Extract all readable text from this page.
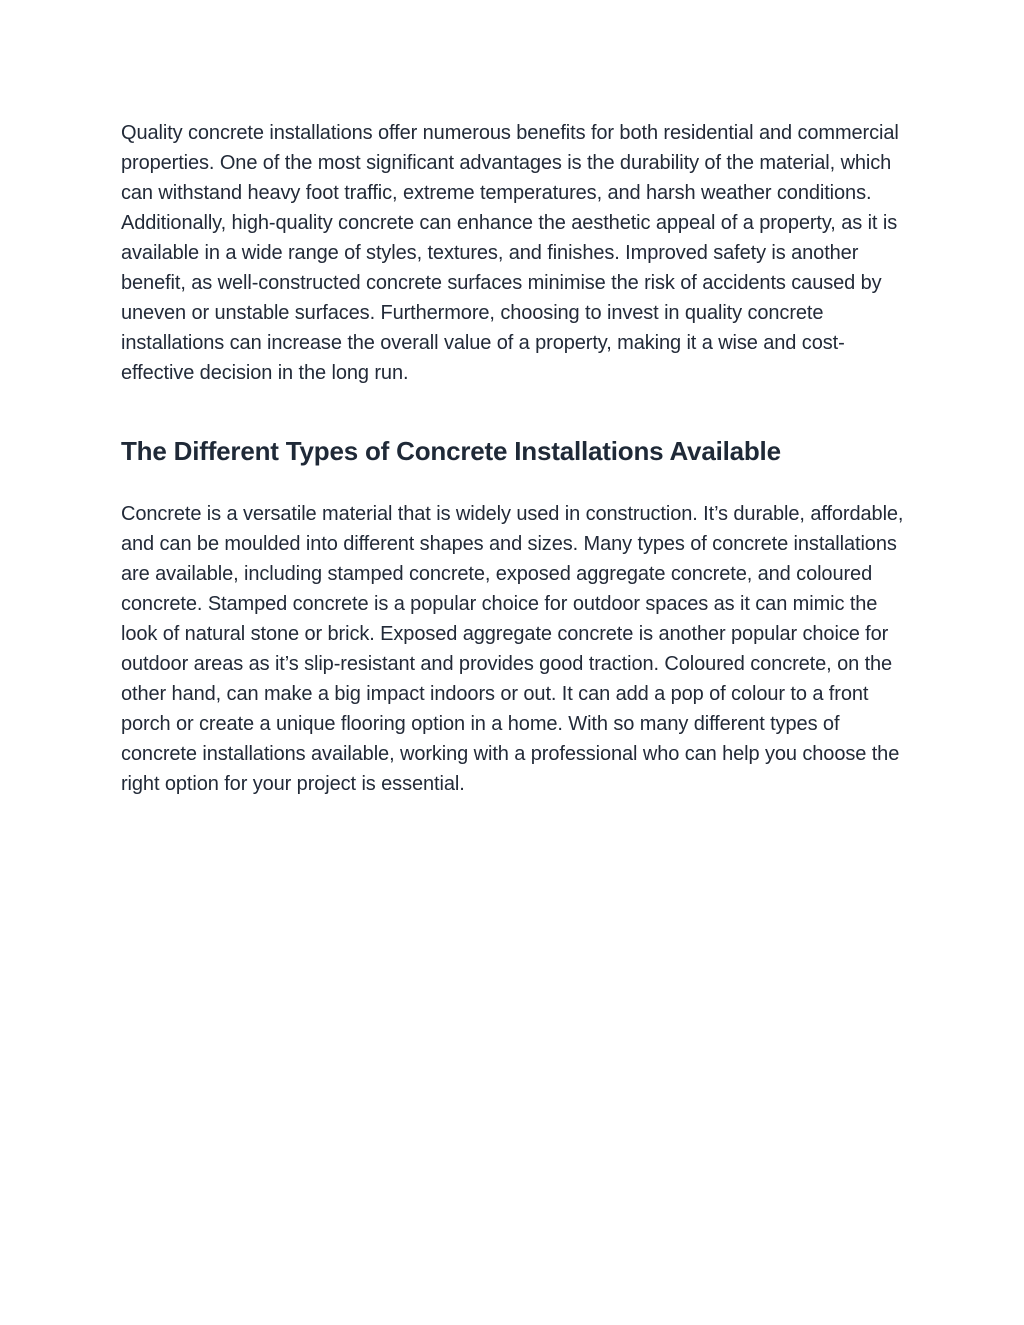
Quality concrete installations offer numerous benefits for both residential and commercial properties. One of the most significant advantages is the durability of the material, which can withstand heavy foot traffic, extreme temperatures, and harsh weather conditions. Additionally, high-quality concrete can enhance the aesthetic appeal of a property, as it is available in a wide range of styles, textures, and finishes. Improved safety is another benefit, as well-constructed concrete surfaces minimise the risk of accidents caused by uneven or unstable surfaces. Furthermore, choosing to invest in quality concrete installations can increase the overall value of a property, making it a wise and cost-effective decision in the long run.

The Different Types of Concrete Installations Available

Concrete is a versatile material that is widely used in construction. It’s durable, affordable, and can be moulded into different shapes and sizes. Many types of concrete installations are available, including stamped concrete, exposed aggregate concrete, and coloured concrete. Stamped concrete is a popular choice for outdoor spaces as it can mimic the look of natural stone or brick. Exposed aggregate concrete is another popular choice for outdoor areas as it’s slip-resistant and provides good traction. Coloured concrete, on the other hand, can make a big impact indoors or out. It can add a pop of colour to a front porch or create a unique flooring option in a home. With so many different types of concrete installations available, working with a professional who can help you choose the right option for your project is essential.
